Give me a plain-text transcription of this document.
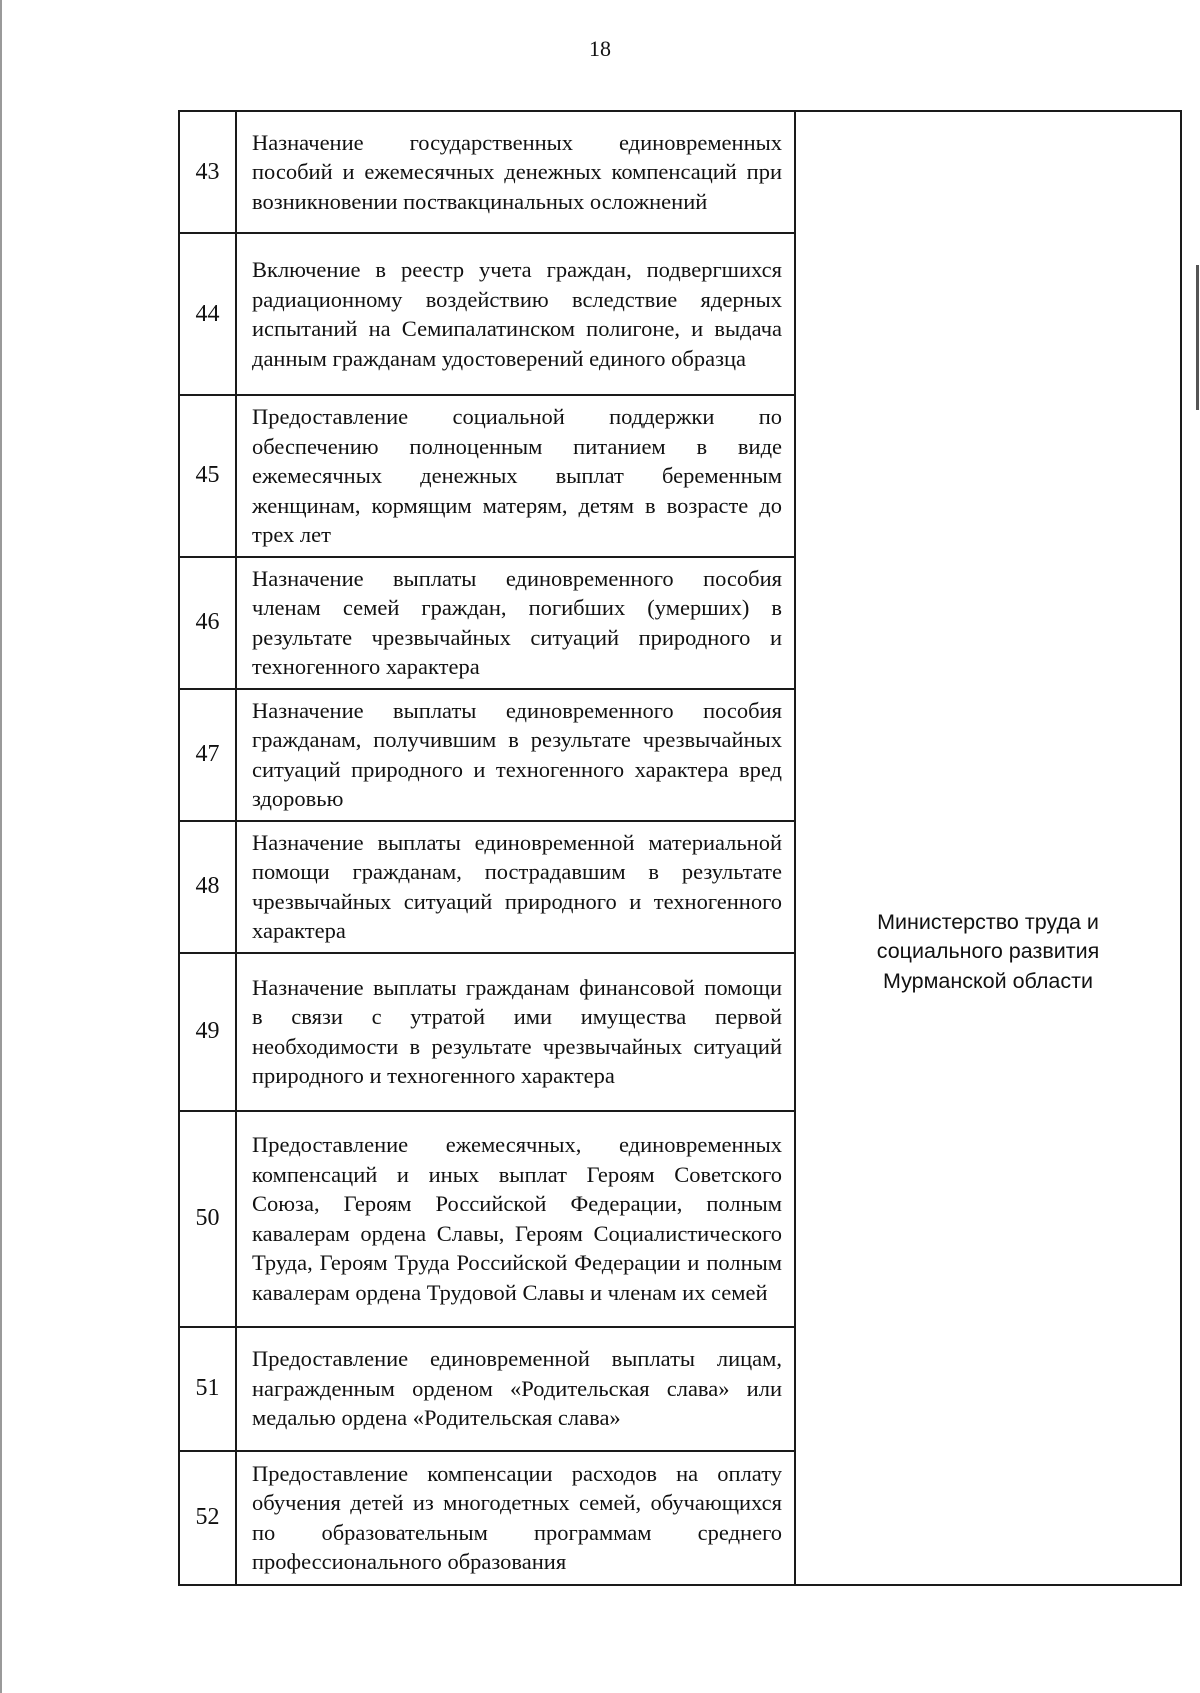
18
43	Назначение государственных единовременных пособий и ежемесячных денежных компенсаций при возникновении поствакцинальных осложнений	Министерство труда и
социального развития
Мурманской области

44	Включение в реестр учета граждан, подвергшихся радиационному воздействию вследствие ядерных испытаний на Семипалатинском полигоне, и выдача данным гражданам удостоверений единого образца	

45	Предоставление социальной поддержки по обеспечению полноценным питанием в виде ежемесячных денежных выплат беременным женщинам, кормящим матерям, детям в возрасте до трех лет	

46	Назначение выплаты единовременного пособия членам семей граждан, погибших (умерших) в результате чрезвычайных ситуаций природного и техногенного характера	

47	Назначение выплаты единовременного пособия гражданам, получившим в результате чрезвычайных ситуаций природного и техногенного характера вред здоровью	

48	Назначение выплаты единовременной материальной помощи гражданам, пострадавшим в результате чрезвычайных ситуаций природного и техногенного характера	

49	Назначение выплаты гражданам финансовой помощи в связи с утратой ими имущества первой необходимости в результате чрезвычайных ситуаций природного и техногенного характера	

50	Предоставление ежемесячных, единовременных компенсаций и иных выплат Героям Советского Союза, Героям Российской Федерации, полным кавалерам ордена Славы, Героям Социалистического Труда, Героям Труда Российской Федерации и полным кавалерам ордена Трудовой Славы и членам их семей	

51	Предоставление единовременной выплаты лицам, награжденным орденом «Родительская слава» или медалью ордена «Родительская слава»	

52	Предоставление компенсации расходов на оплату обучения детей из многодетных семей, обучающихся по образовательным программам среднего профессионального образования	
